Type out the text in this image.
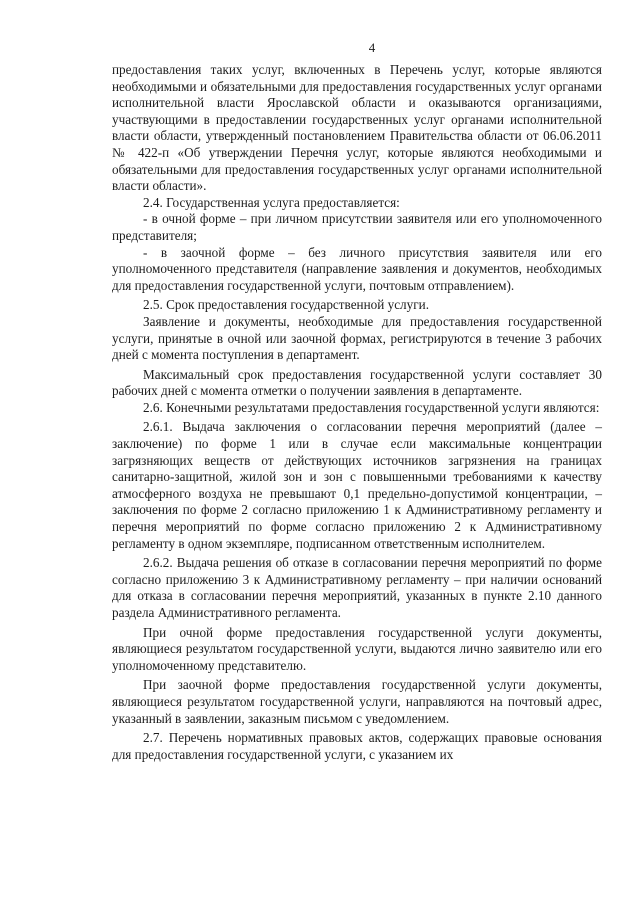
4

предоставления таких услуг, включенных в Перечень услуг, которые являются необходимыми и обязательными для предоставления государственных услуг органами исполнительной власти Ярославской области и оказываются организациями, участвующими в предоставлении государственных услуг органами исполнительной власти области, утвержденный постановлением Правительства области от 06.06.2011 № 422-п «Об утверждении Перечня услуг, которые являются необходимыми и обязательными для предоставления государственных услуг органами исполнительной власти области».

2.4. Государственная услуга предоставляется:

- в очной форме – при личном присутствии заявителя или его уполномоченного представителя;

- в заочной форме – без личного присутствия заявителя или его уполномоченного представителя (направление заявления и документов, необходимых для предоставления государственной услуги, почтовым отправлением).

2.5. Срок предоставления государственной услуги.

Заявление и документы, необходимые для предоставления государственной услуги, принятые в очной или заочной формах, регистрируются в течение 3 рабочих дней с момента поступления в департамент.

Максимальный срок предоставления государственной услуги составляет 30 рабочих дней с момента отметки о получении заявления в департаменте.

2.6. Конечными результатами предоставления государственной услуги являются:

2.6.1. Выдача заключения о согласовании перечня мероприятий (далее – заключение) по форме 1 или в случае если максимальные концентрации загрязняющих веществ от действующих источников загрязнения на границах санитарно-защитной, жилой зон и зон с повышенными требованиями к качеству атмосферного воздуха не превышают 0,1 предельно-допустимой концентрации, – заключения по форме 2 согласно приложению 1 к Административному регламенту и перечня мероприятий по форме согласно приложению 2 к Административному регламенту в одном экземпляре, подписанном ответственным исполнителем.

2.6.2. Выдача решения об отказе в согласовании перечня мероприятий по форме согласно приложению 3 к Административному регламенту – при наличии оснований для отказа в согласовании перечня мероприятий, указанных в пункте 2.10 данного раздела Административного регламента.

При очной форме предоставления государственной услуги документы, являющиеся результатом государственной услуги, выдаются лично заявителю или его уполномоченному представителю.

При заочной форме предоставления государственной услуги документы, являющиеся результатом государственной услуги, направляются на почтовый адрес, указанный в заявлении, заказным письмом с уведомлением.

2.7. Перечень нормативных правовых актов, содержащих правовые основания для предоставления государственной услуги, с указанием их
